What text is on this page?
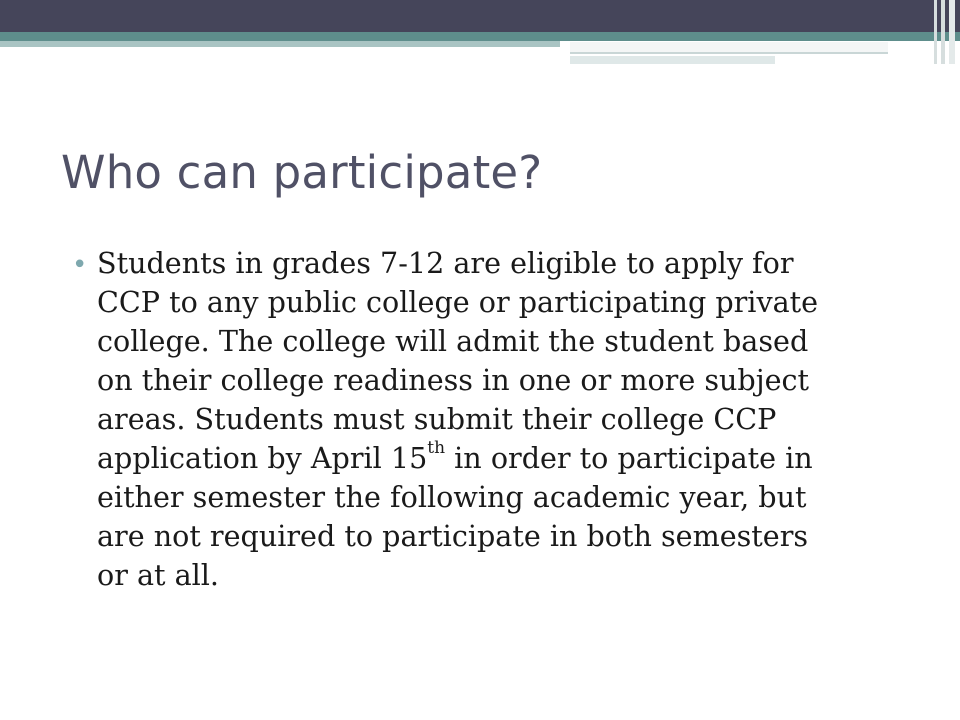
Who can participate?
• Students in grades 7-12 are eligible to apply for
CCP to any public college or participating private
college. The college will admit the student based
on their college readiness in one or more subject
areas. Students must submit their college CCP
application by April 15th in order to participate in
either semester the following academic year, but
are not required to participate in both semesters
or at all.
